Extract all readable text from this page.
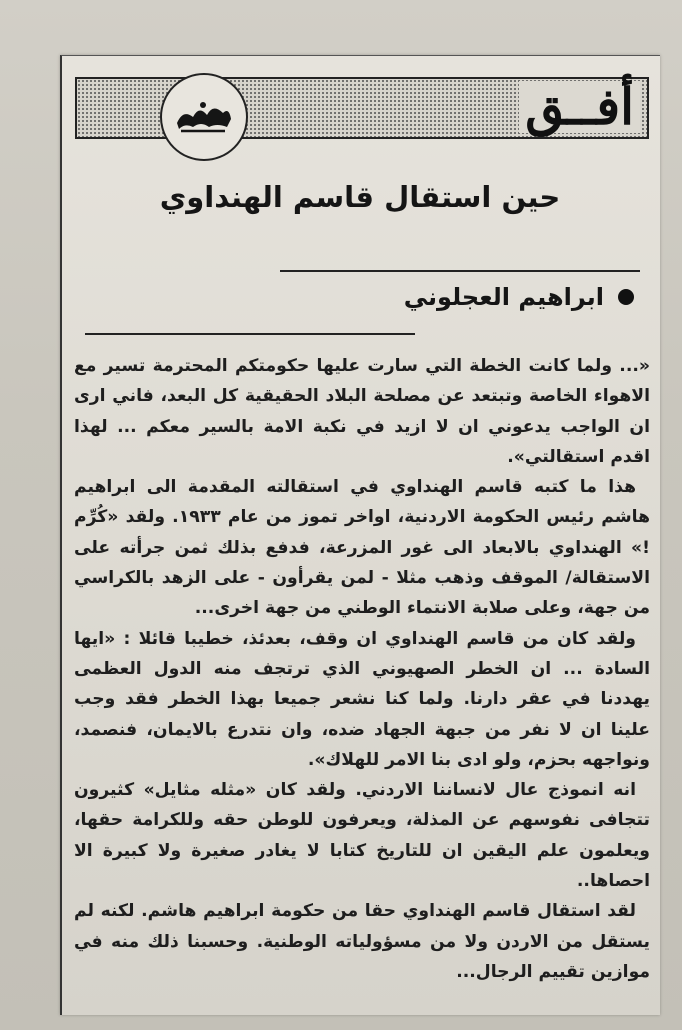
أفــق
حين استقال قاسم الهنداوي
ابراهيم العجلوني

«... ولما كانت الخطة التي سارت عليها حكومتكم المحترمة تسير مع الاهواء الخاصة وتبتعد عن مصلحة البلاد الحقيقية كل البعد، فاني ارى ان الواجب يدعوني ان لا ازيد في نكبة الامة بالسير معكم ... لهذا اقدم استقالتي».

هذا ما كتبه قاسم الهنداوي في استقالته المقدمة الى ابراهيم هاشم رئيس الحكومة الاردنية، اواخر تموز من عام ١٩٣٣. ولقد «كُرِّم !» الهنداوي بالابعاد الى غور المزرعة، فدفع بذلك ثمن جرأته على الاستقالة/ الموقف وذهب مثلا - لمن يقرأون - على الزهد بالكراسي من جهة، وعلى صلابة الانتماء الوطني من جهة اخرى...

ولقد كان من قاسم الهنداوي ان وقف، بعدئذ، خطيبا قائلا : «ايها السادة ... ان الخطر الصهيوني الذي ترتجف منه الدول العظمى يهددنا في عقر دارنا. ولما كنا نشعر جميعا بهذا الخطر فقد وجب علينا ان لا نفر من جبهة الجهاد ضده، وان نتدرع بالايمان، فنصمد، ونواجهه بحزم، ولو ادى بنا الامر للهلاك».

انه انموذج عال لانساننا الاردني. ولقد كان «مثله مثايل» كثيرون تتجافى نفوسهم عن المذلة، ويعرفون للوطن حقه وللكرامة حقها، ويعلمون علم اليقين ان للتاريخ كتابا لا يغادر صغيرة ولا كبيرة الا احصاها..

لقد استقال قاسم الهنداوي حقا من حكومة ابراهيم هاشم. لكنه لم يستقل من الاردن ولا من مسؤولياته الوطنية. وحسبنا ذلك منه في موازين تقييم الرجال...
